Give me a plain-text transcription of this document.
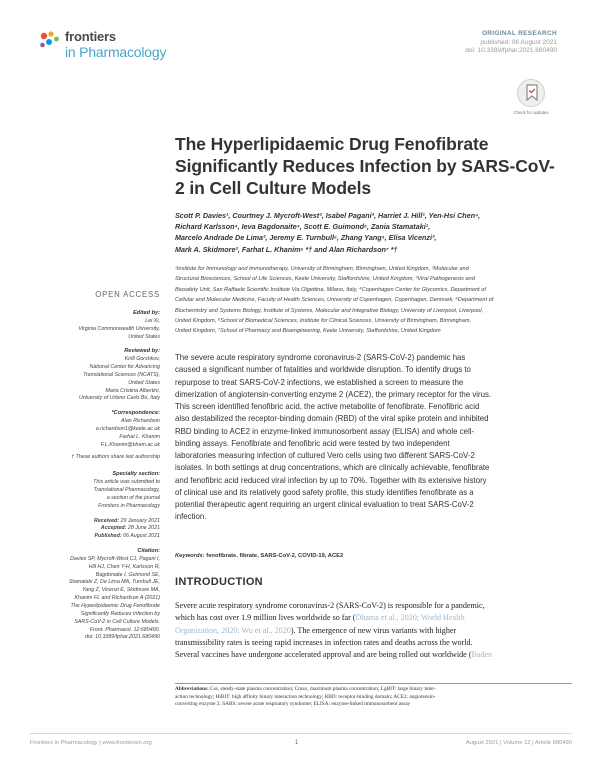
frontiers
in Pharmacology
ORIGINAL RESEARCH
published: 06 August 2021
doi: 10.3389/fphar.2021.680490
Check for updates
The Hyperlipidaemic Drug Fenofibrate Significantly Reduces Infection by SARS-CoV-2 in Cell Culture Models
Scott P. Davies¹, Courtney J. Mycroft-West², Isabel Pagani³, Harriet J. Hill¹, Yen-Hsi Chen⁴,
Richard Karlsson⁴, Ieva Bagdonaite⁴, Scott E. Guimond⁵, Zania Stamataki¹,
Marcelo Andrade De Lima², Jeremy E. Turnbull⁶, Zhang Yang⁴, Elisa Vicenzi³,
Mark A. Skidmore², Farhat L. Khanim⁶ *† and Alan Richardson⁷ *†
¹Institute for Immunology and Immunotherapy, University of Birmingham, Birmingham, United Kingdom, ²Molecular and
Structural Biosciences, School of Life Sciences, Keele University, Staffordshire, United Kingdom, ³Viral Pathogenesis and
Biosafety Unit, San Raffaele Scientific Institute Via Olgettina, Milano, Italy, ⁴Copenhagen Center for Glycomics, Department of
Cellular and Molecular Medicine, Faculty of Health Sciences, University of Copenhagen, Copenhagen, Denmark, ⁵Department of
Biochemistry and Systems Biology, Institute of Systems, Molecular and Integrative Biology, University of Liverpool, Liverpool,
United Kingdom, ⁶School of Biomedical Sciences, Institute for Clinical Sciences, University of Birmingham, Birmingham,
United Kingdom, ⁷School of Pharmacy and Bioengineering, Keele University, Staffordshire, United Kingdom
OPEN ACCESS
Edited by:
Lei Xi,
Virginia Commonwealth University,
United States
Reviewed by:
Kirill Gorshkov,
National Center for Advancing
Translational Sciences (NCATS),
United States
Maria Cristina Albertini,
University of Urbino Carlo Bo, Italy
*Correspondence:
Alan Richardson
a.richardson1@keele.ac.uk
Farhat L. Khanim
F.L.Khanim@bham.ac.uk
† These authors share last authorship
Specialty section:
This article was submitted to
Translational Pharmacology,
a section of the journal
Frontiers in Pharmacology
Received: 29 January 2021
Accepted: 28 June 2021
Published: 06 August 2021
Citation:
Davies SP, Mycroft-West CJ, Pagani I,
Hill HJ, Chen Y-H, Karlsson R,
Bagdonaite I, Guimond SE,
Stamataki Z, De Lima MA, Turnbull JE,
Yang Z, Vicenzi E, Skidmore MA,
Khanim FL and Richardson A (2021)
The Hyperlipidaemic Drug Fenofibrate
Significantly Reduces Infection by
SARS-CoV-2 in Cell Culture Models.
Front. Pharmacol. 12:680490.
doi: 10.3389/fphar.2021.680490
The severe acute respiratory syndrome coronavirus-2 (SARS-CoV-2) pandemic has
caused a significant number of fatalities and worldwide disruption. To identify drugs to
repurpose to treat SARS-CoV-2 infections, we established a screen to measure the
dimerization of angiotensin-converting enzyme 2 (ACE2), the primary receptor for the virus.
This screen identified fenofibric acid, the active metabolite of fenofibrate. Fenofibric acid
also destabilized the receptor-binding domain (RBD) of the viral spike protein and inhibited
RBD binding to ACE2 in enzyme-linked immunosorbent assay (ELISA) and whole cell-
binding assays. Fenofibrate and fenofibric acid were tested by two independent
laboratories measuring infection of cultured Vero cells using two different SARS-CoV-2
isolates. In both settings at drug concentrations, which are clinically achievable, fenofibrate
and fenofibric acid reduced viral infection by up to 70%. Together with its extensive history
of clinical use and its relatively good safety profile, this study identifies fenofibrate as a
potential therapeutic agent requiring an urgent clinical evaluation to treat SARS-CoV-2
infection.
Keywords: fenofibrate, fibrate, SARS-CoV-2, COVID-19, ACE2
INTRODUCTION
Severe acute respiratory syndrome coronavirus-2 (SARS-CoV-2) is responsible for a pandemic,
which has cost over 1.9 million lives worldwide so far (Dhama et al., 2020; World Health
Organization, 2020; Wu et al., 2020). The emergence of new virus variants with higher
transmissibility rates is seeing rapid increases in infection rates and deaths across the world.
Several vaccines have undergone accelerated approval and are being rolled out worldwide (Baden
Abbreviations: Css, steady-state plasma concentration; Cmax, maximum plasma concentration; LgBIT: large binary inter-
action technology; HiBIT: high affinity binary interaction technology; RBD: receptor-binding domain; ACE2: angiotensin-
converting enzyme 2; SARS: severe acute respiratory syndrome; ELISA: enzyme-linked immunosorbent assay
Frontiers in Pharmacology | www.frontiersin.org	1	August 2021 | Volume 12 | Article 680490
